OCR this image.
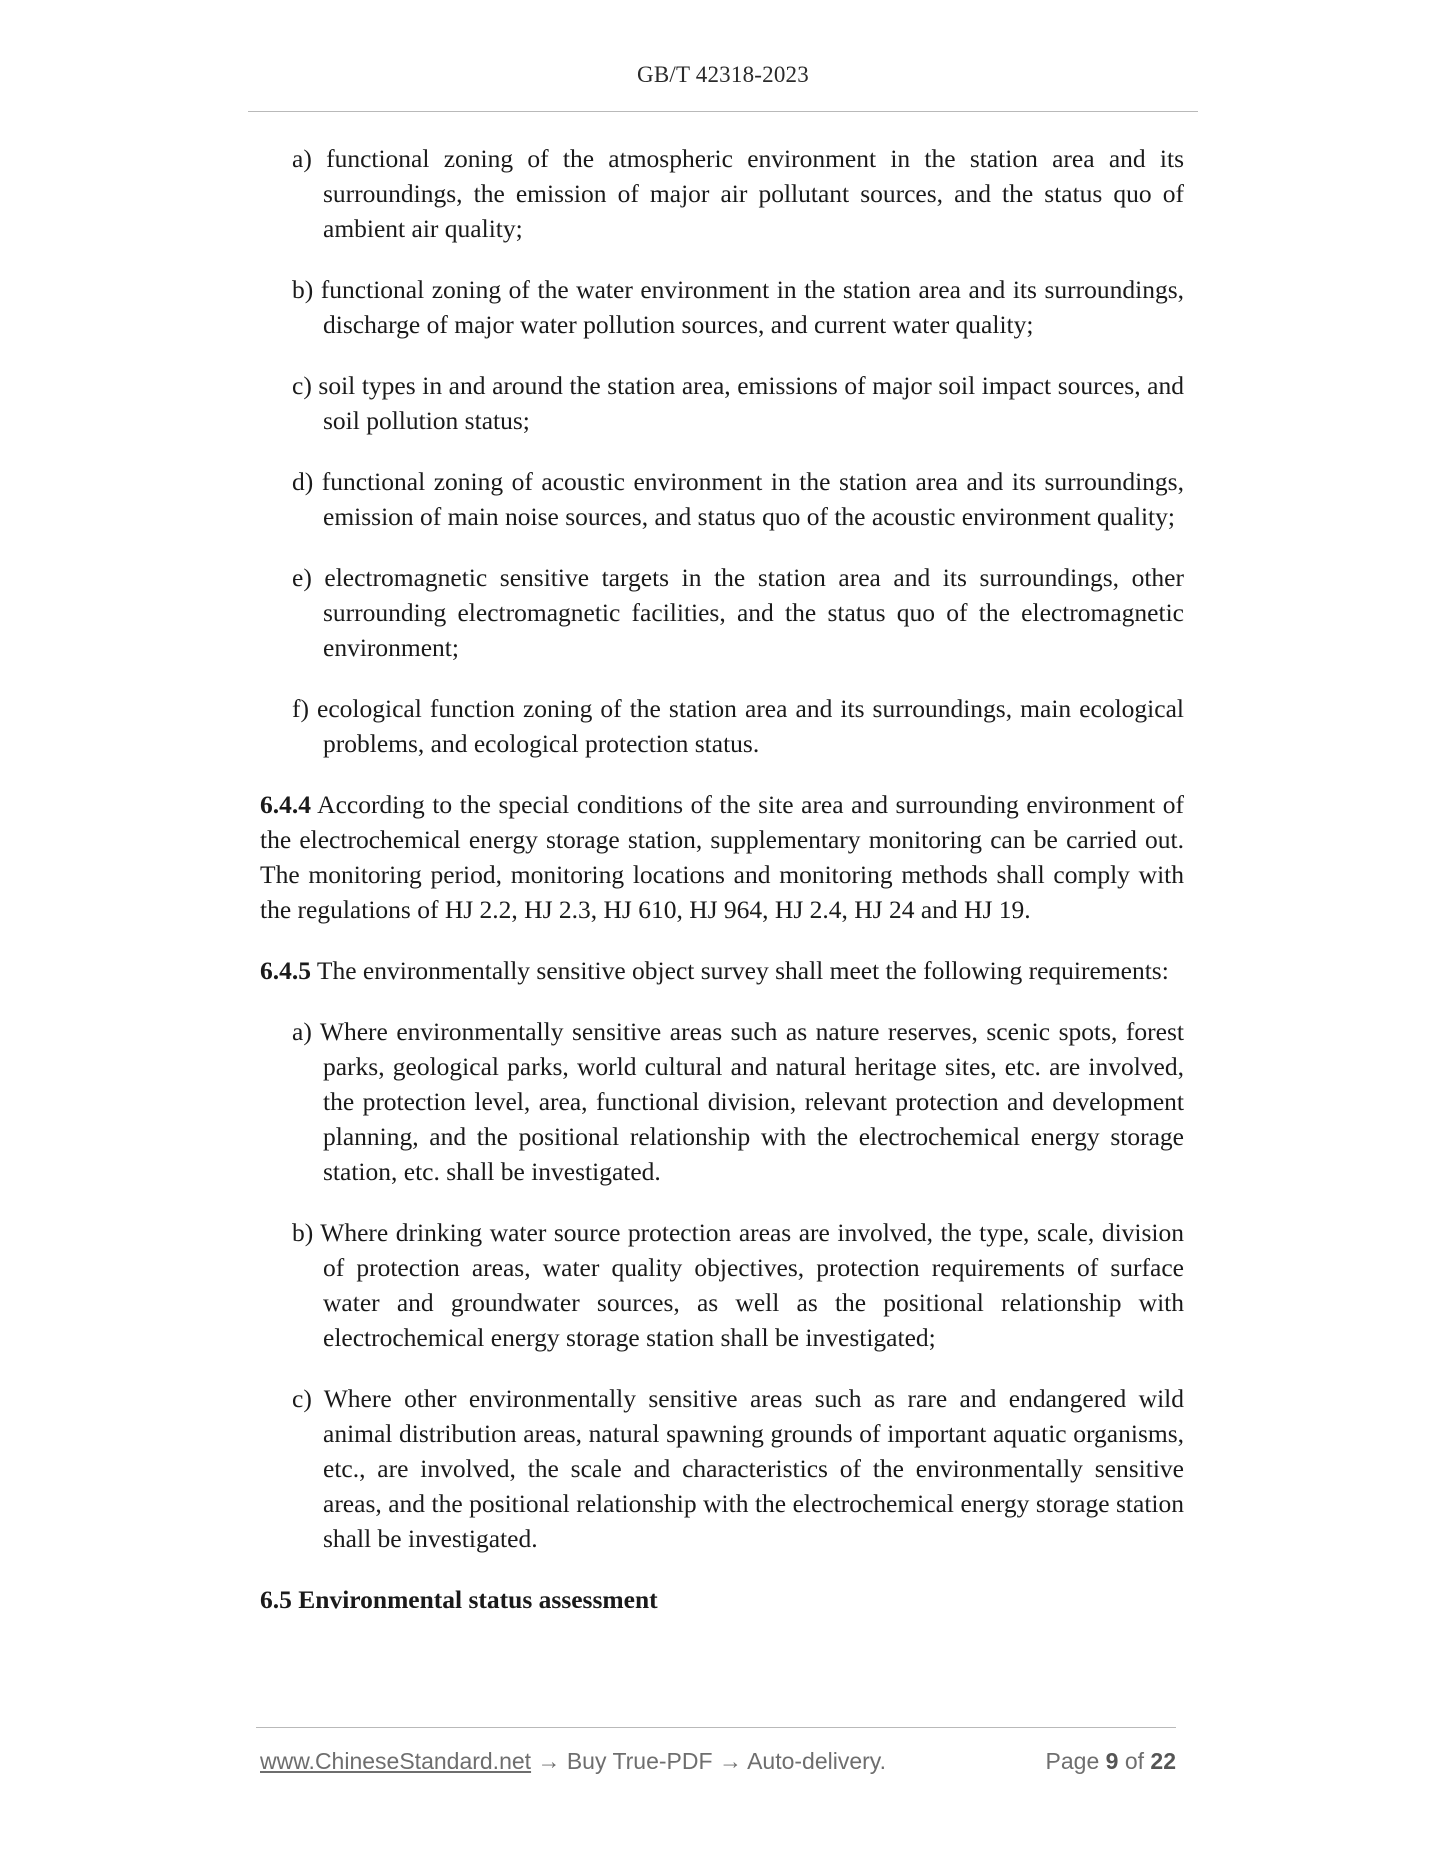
GB/T 42318-2023

a) functional zoning of the atmospheric environment in the station area and its surroundings, the emission of major air pollutant sources, and the status quo of ambient air quality;

b) functional zoning of the water environment in the station area and its surroundings, discharge of major water pollution sources, and current water quality;

c) soil types in and around the station area, emissions of major soil impact sources, and soil pollution status;

d) functional zoning of acoustic environment in the station area and its surroundings, emission of main noise sources, and status quo of the acoustic environment quality;

e) electromagnetic sensitive targets in the station area and its surroundings, other surrounding electromagnetic facilities, and the status quo of the electromagnetic environment;

f) ecological function zoning of the station area and its surroundings, main ecological problems, and ecological protection status.

6.4.4 According to the special conditions of the site area and surrounding environment of the electrochemical energy storage station, supplementary monitoring can be carried out. The monitoring period, monitoring locations and monitoring methods shall comply with the regulations of HJ 2.2, HJ 2.3, HJ 610, HJ 964, HJ 2.4, HJ 24 and HJ 19.

6.4.5 The environmentally sensitive object survey shall meet the following requirements:

a) Where environmentally sensitive areas such as nature reserves, scenic spots, forest parks, geological parks, world cultural and natural heritage sites, etc. are involved, the protection level, area, functional division, relevant protection and development planning, and the positional relationship with the electrochemical energy storage station, etc. shall be investigated.

b) Where drinking water source protection areas are involved, the type, scale, division of protection areas, water quality objectives, protection requirements of surface water and groundwater sources, as well as the positional relationship with electrochemical energy storage station shall be investigated;

c) Where other environmentally sensitive areas such as rare and endangered wild animal distribution areas, natural spawning grounds of important aquatic organisms, etc., are involved, the scale and characteristics of the environmentally sensitive areas, and the positional relationship with the electrochemical energy storage station shall be investigated.

6.5 Environmental status assessment

www.ChineseStandard.net → Buy True-PDF → Auto-delivery.	Page 9 of 22
